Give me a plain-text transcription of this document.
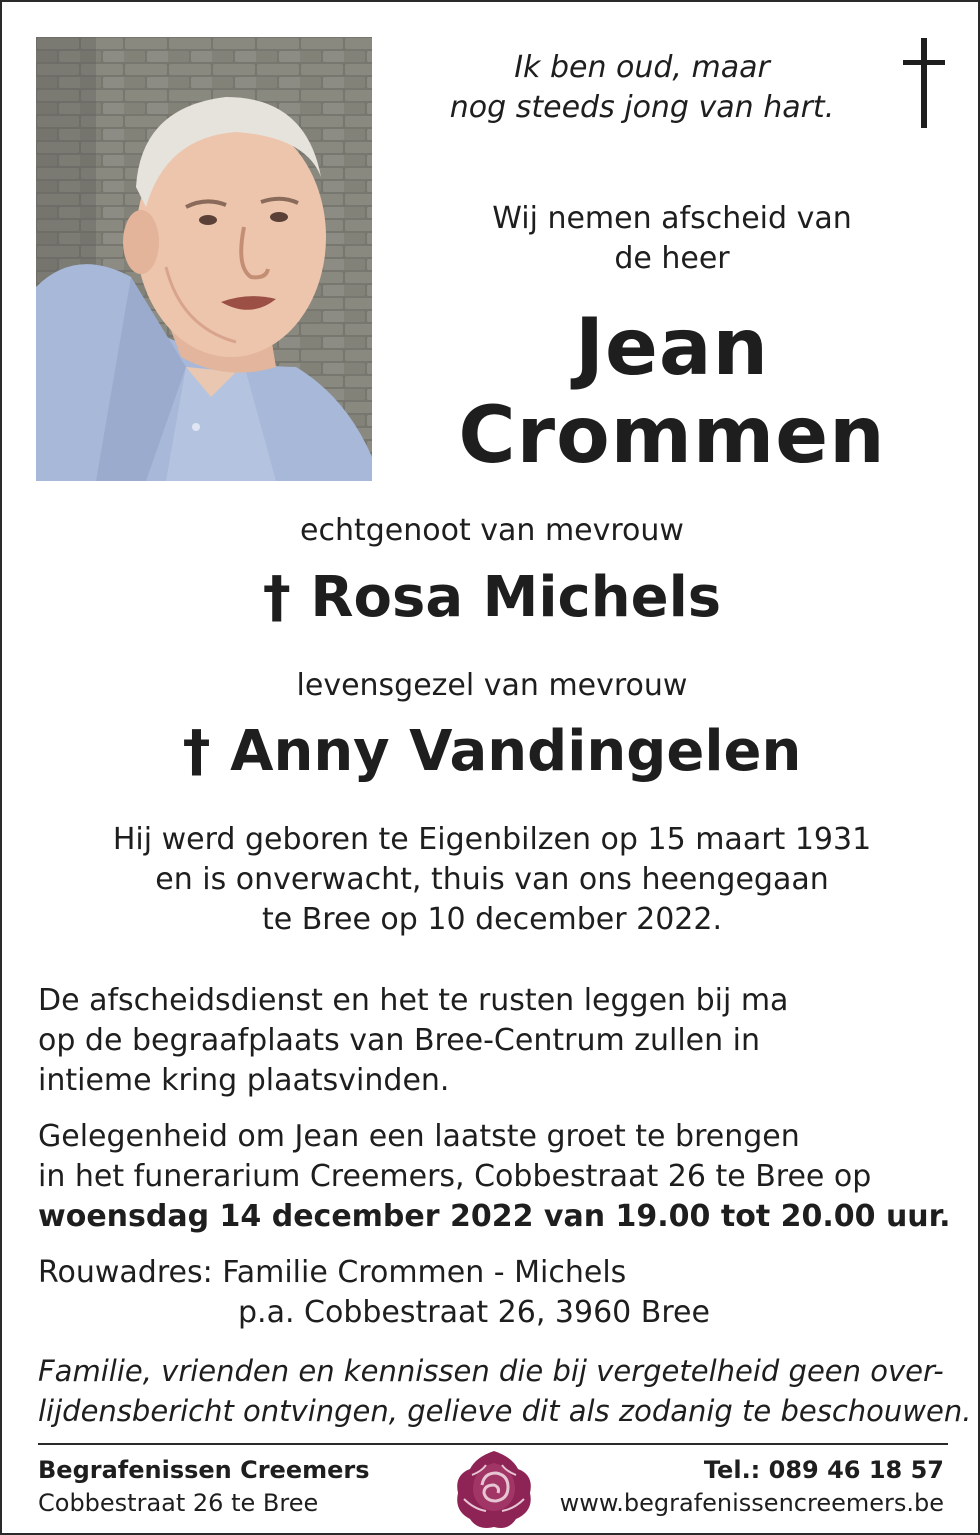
Ik ben oud, maar
nog steeds jong van hart.
Wij nemen afscheid van
de heer
Jean
Crommen
echtgenoot van mevrouw
† Rosa Michels
levensgezel van mevrouw
† Anny Vandingelen
Hij werd geboren te Eigenbilzen op 15 maart 1931
en is onverwacht, thuis van ons heengegaan
te Bree op 10 december 2022.
De afscheidsdienst en het te rusten leggen bij ma
op de begraafplaats van Bree-Centrum zullen in
intieme kring plaatsvinden.
Gelegenheid om Jean een laatste groet te brengen
in het funerarium Creemers, Cobbestraat 26 te Bree op
woensdag 14 december 2022 van 19.00 tot 20.00 uur.
Rouwadres: Familie Crommen - Michels
p.a. Cobbestraat 26, 3960 Bree
Familie, vrienden en kennissen die bij vergetelheid geen over-
lijdensbericht ontvingen, gelieve dit als zodanig te beschouwen.
Begrafenissen Creemers
Cobbestraat 26 te Bree
Tel.: 089 46 18 57
www.begrafenissencreemers.be
